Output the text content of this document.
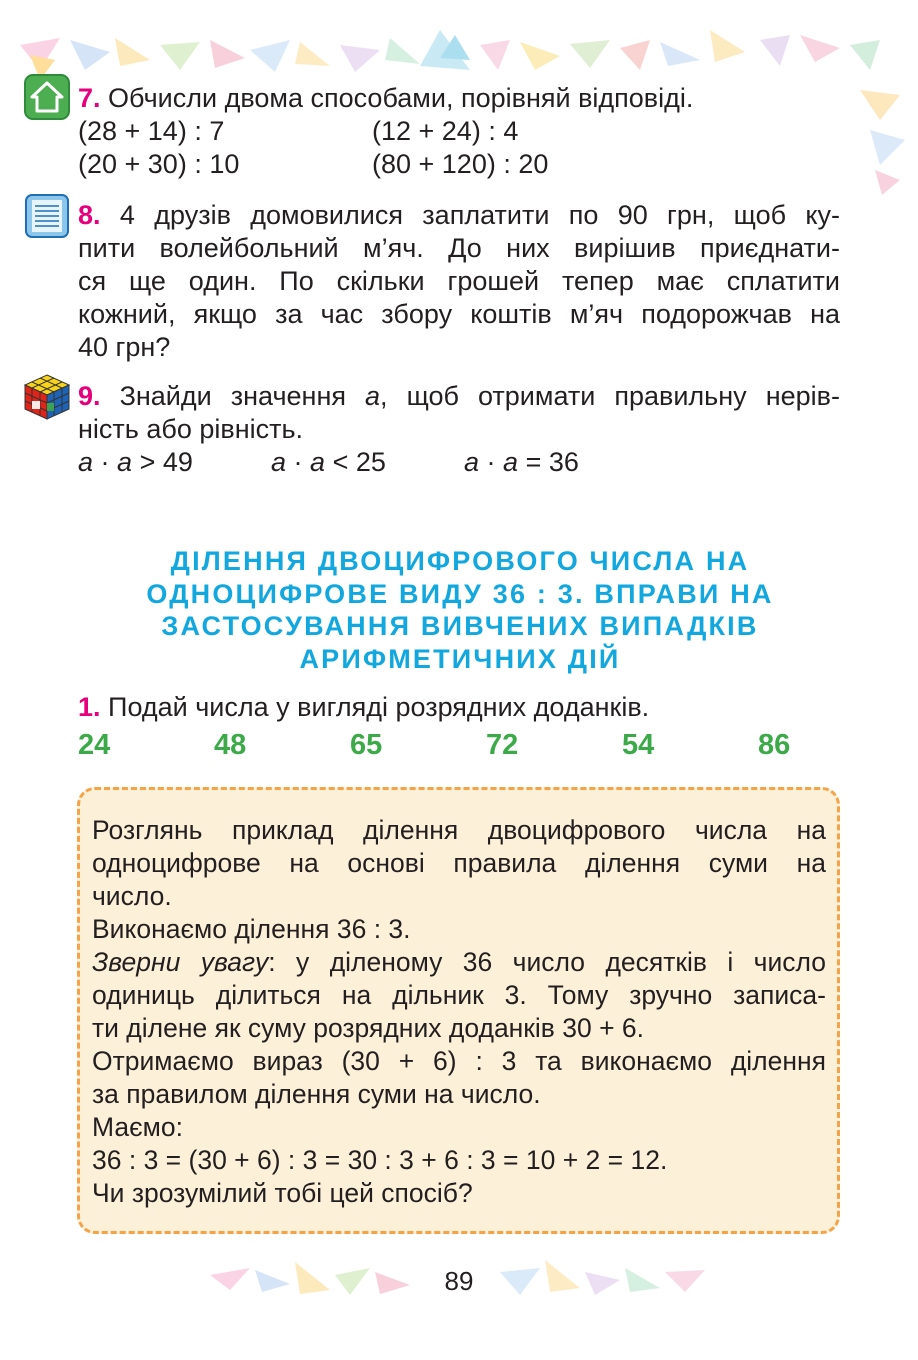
7. Обчисли двома способами, порівняй відповіді.
(28 + 14) : 7	(12 + 24) : 4
(20 + 30) : 10	(80 + 120) : 20
8. 4 друзів домовилися заплатити по 90 грн, щоб ку-
пити волейбольний м’яч. До них вирішив приєднати-
ся ще один. По скільки грошей тепер має сплатити
кожний, якщо за час збору коштів м’яч подорожчав на
40 грн?
9. Знайди значення а, щоб отримати правильну нерів-
ність або рівність.
а · а > 49	а · а < 25	а · а = 36
ДІЛЕННЯ ДВОЦИФРОВОГО ЧИСЛА НА
ОДНОЦИФРОВЕ ВИДУ 36 : 3. ВПРАВИ НА
ЗАСТОСУВАННЯ ВИВЧЕНИХ ВИПАДКІВ
АРИФМЕТИЧНИХ ДІЙ
1. Подай числа у вигляді розрядних доданків.
24	48	65	72	54	86
Розглянь приклад ділення двоцифрового числа на
одноцифрове на основі правила ділення суми на
число.
Виконаємо ділення 36 : 3.
Зверни увагу: у діленому 36 число десятків і число
одиниць ділиться на дільник 3. Тому зручно записа-
ти ділене як суму розрядних доданків 30 + 6.
Отримаємо вираз (30 + 6) : 3 та виконаємо ділення
за правилом ділення суми на число.
Маємо:
36 : 3 = (30 + 6) : 3 = 30 : 3 + 6 : 3 = 10 + 2 = 12.
Чи зрозумілий тобі цей спосіб?
89
